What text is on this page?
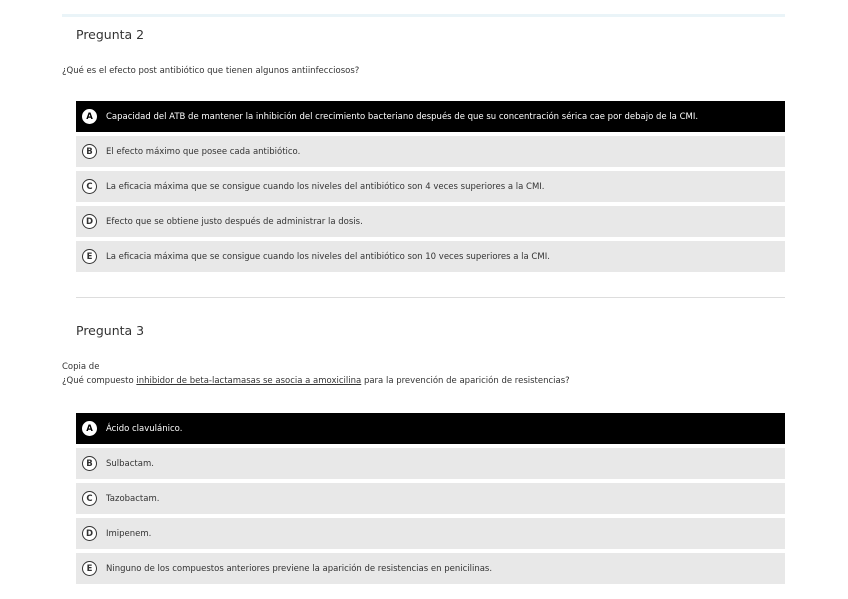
Pregunta 2
¿Qué es el efecto post antibiótico que tienen algunos antiinfecciosos?
A	Capacidad del ATB de mantener la inhibición del crecimiento bacteriano después de que su concentración sérica cae por debajo de la CMI.
B	El efecto máximo que posee cada antibiótico.
C	La eficacia máxima que se consigue cuando los niveles del antibiótico son 4 veces superiores a la CMI.
D	Efecto que se obtiene justo después de administrar la dosis.
E	La eficacia máxima que se consigue cuando los niveles del antibiótico son 10 veces superiores a la CMI.
Pregunta 3
Copia de
¿Qué compuesto inhibidor de beta-lactamasas se asocia a amoxicilina para la prevención de aparición de resistencias?
A	Ácido clavulánico.
B	Sulbactam.
C	Tazobactam.
D	Imipenem.
E	Ninguno de los compuestos anteriores previene la aparición de resistencias en penicilinas.
